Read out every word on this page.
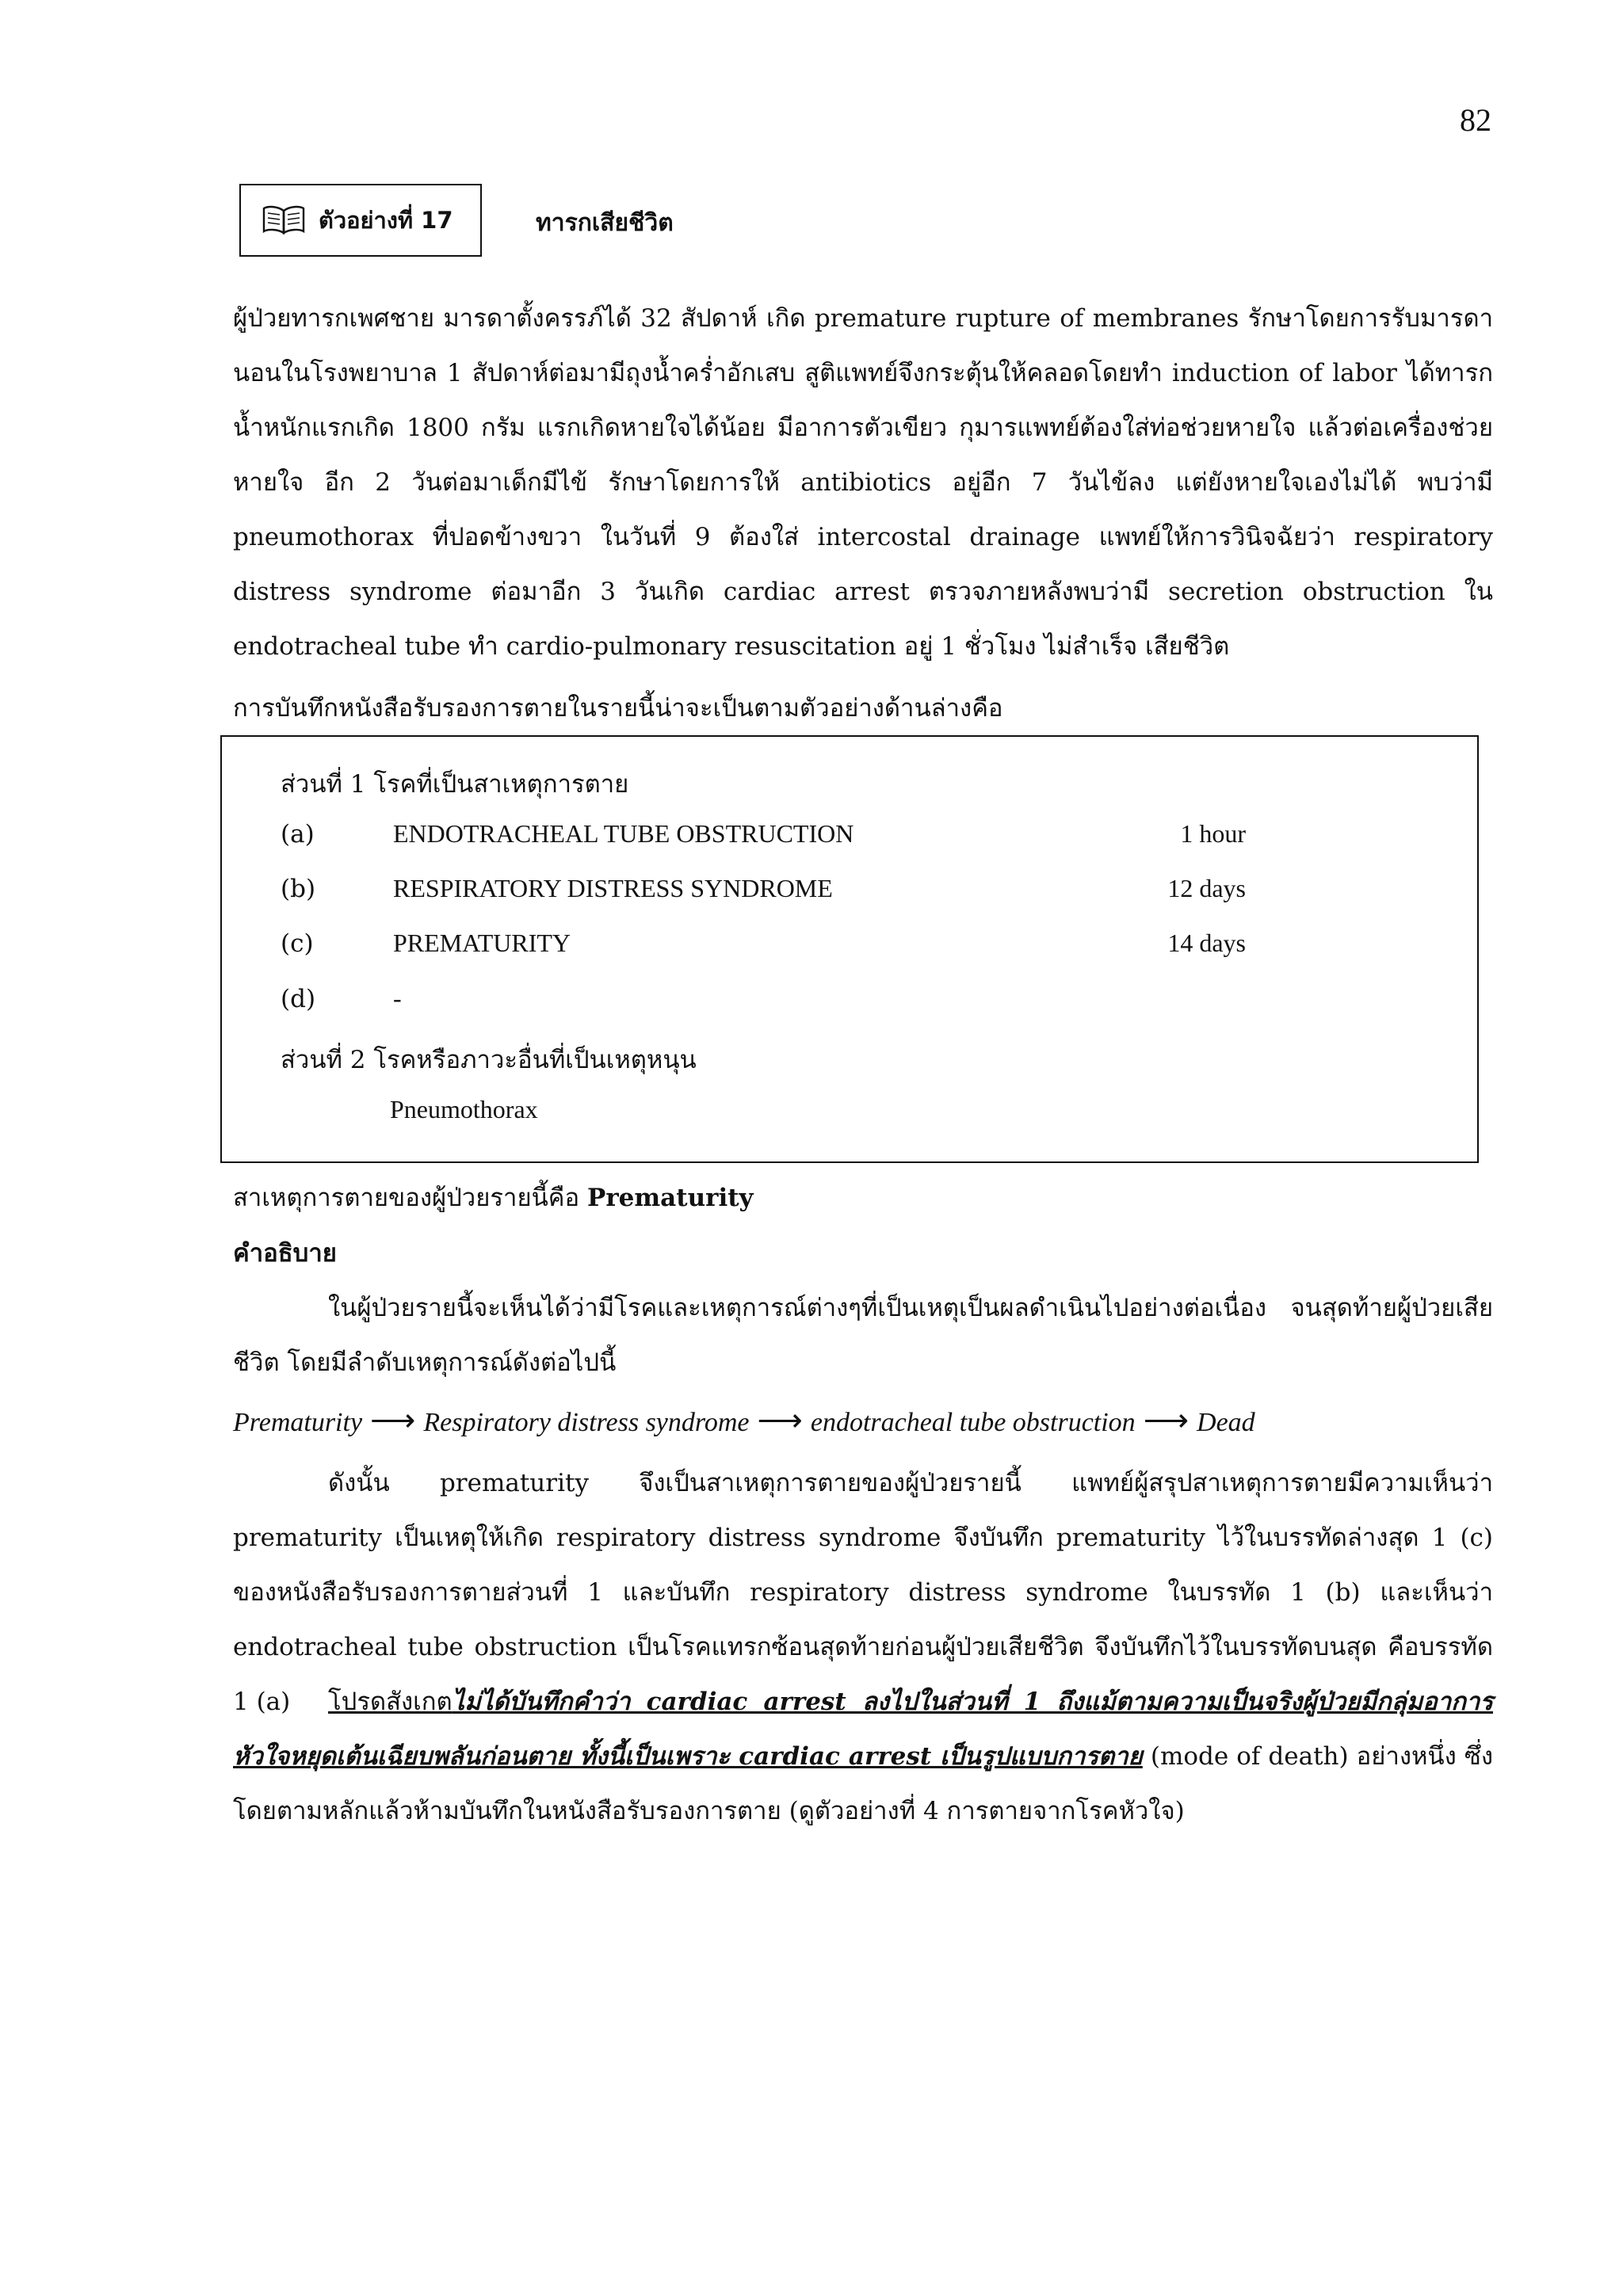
82
ตัวอย่างที่ 17	ทารกเสียชีวิต
ผู้ป่วยทารกเพศชาย มารดาตั้งครรภ์ได้ 32 สัปดาห์ เกิด premature rupture of membranes รักษาโดยการรับมารดานอนในโรงพยาบาล 1 สัปดาห์ต่อมามีถุงน้ำคร่ำอักเสบ สูติแพทย์จึงกระตุ้นให้คลอดโดยทำ induction of labor ได้ทารกน้ำหนักแรกเกิด 1800 กรัม แรกเกิดหายใจได้น้อย มีอาการตัวเขียว กุมารแพทย์ต้องใส่ท่อช่วยหายใจ แล้วต่อเครื่องช่วยหายใจ อีก 2 วันต่อมาเด็กมีไข้ รักษาโดยการให้ antibiotics อยู่อีก 7 วันไข้ลง แต่ยังหายใจเองไม่ได้ พบว่ามี pneumothorax ที่ปอดข้างขวา ในวันที่ 9 ต้องใส่ intercostal drainage แพทย์ให้การวินิจฉัยว่า respiratory distress syndrome ต่อมาอีก 3 วันเกิด cardiac arrest ตรวจภายหลังพบว่ามี secretion obstruction ใน endotracheal tube ทำ cardio-pulmonary resuscitation อยู่ 1 ชั่วโมง ไม่สำเร็จ เสียชีวิต
การบันทึกหนังสือรับรองการตายในรายนี้น่าจะเป็นตามตัวอย่างด้านล่างคือ
ส่วนที่ 1 โรคที่เป็นสาเหตุการตาย
(a)	ENDOTRACHEAL TUBE OBSTRUCTION	1 hour
(b)	RESPIRATORY DISTRESS SYNDROME	12 days
(c)	PREMATURITY	14 days
(d)	-
ส่วนที่ 2 โรคหรือภาวะอื่นที่เป็นเหตุหนุน
Pneumothorax
สาเหตุการตายของผู้ป่วยรายนี้คือ Prematurity
คำอธิบาย
ในผู้ป่วยรายนี้จะเห็นได้ว่ามีโรคและเหตุการณ์ต่างๆที่เป็นเหตุเป็นผลดำเนินไปอย่างต่อเนื่อง จนสุดท้ายผู้ป่วยเสียชีวิต โดยมีลำดับเหตุการณ์ดังต่อไปนี้
Prematurity ⟶ Respiratory distress syndrome ⟶ endotracheal tube obstruction ⟶ Dead
ดังนั้น prematurity จึงเป็นสาเหตุการตายของผู้ป่วยรายนี้ แพทย์ผู้สรุปสาเหตุการตายมีความเห็นว่า prematurity เป็นเหตุให้เกิด respiratory distress syndrome จึงบันทึก prematurity ไว้ในบรรทัดล่างสุด 1 (c) ของหนังสือรับรองการตายส่วนที่ 1 และบันทึก respiratory distress syndrome ในบรรทัด 1 (b) และเห็นว่า endotracheal tube obstruction เป็นโรคแทรกซ้อนสุดท้ายก่อนผู้ป่วยเสียชีวิต จึงบันทึกไว้ในบรรทัดบนสุด คือบรรทัด 1 (a)	โปรดสังเกตไม่ได้บันทึกคำว่า cardiac arrest ลงไปในส่วนที่ 1 ถึงแม้ตามความเป็นจริงผู้ป่วยมีกลุ่มอาการหัวใจหยุดเต้นเฉียบพลันก่อนตาย ทั้งนี้เป็นเพราะ cardiac arrest เป็นรูปแบบการตาย (mode of death) อย่างหนึ่ง ซึ่งโดยตามหลักแล้วห้ามบันทึกในหนังสือรับรองการตาย (ดูตัวอย่างที่ 4 การตายจากโรคหัวใจ)
